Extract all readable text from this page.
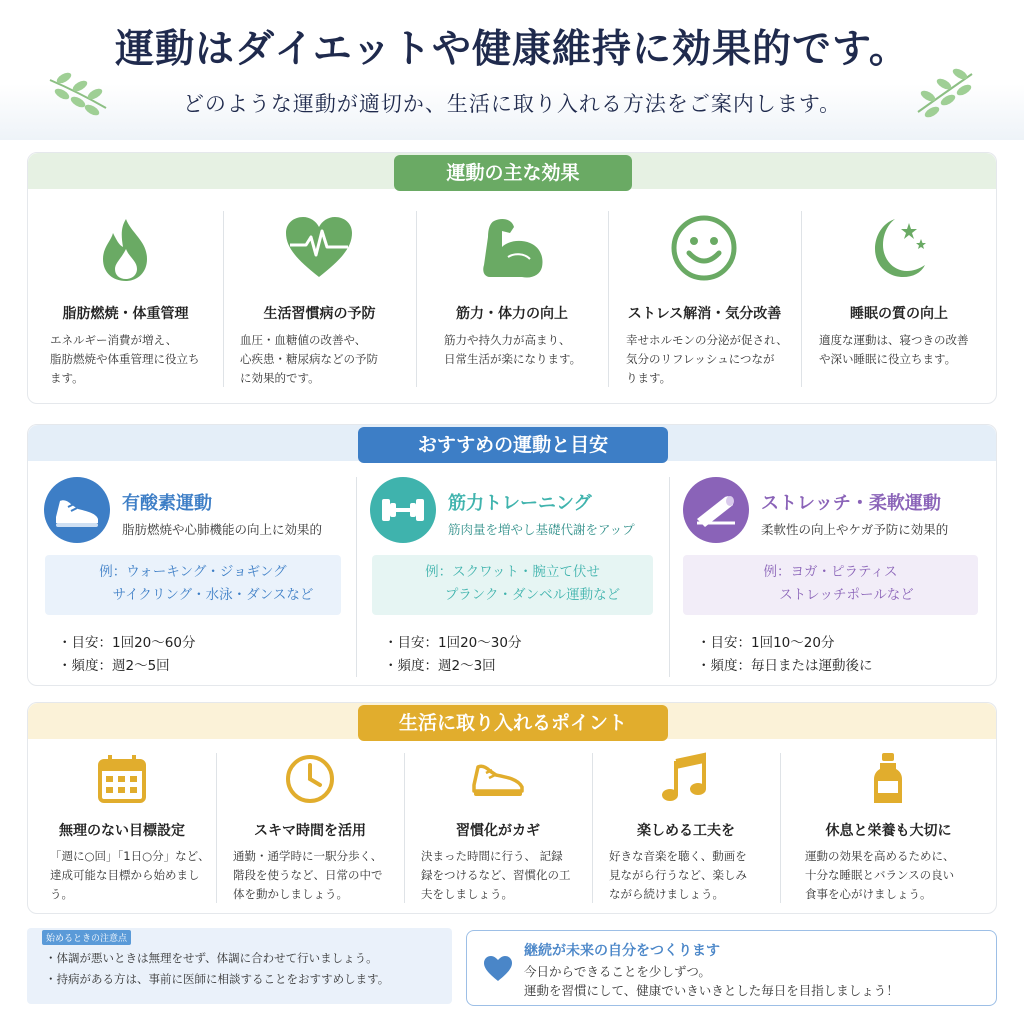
運動はダイエットや健康維持に効果的です。
どのような運動が適切か、生活に取り入れる方法をご案内します。
運動の主な効果
脂肪燃焼・体重管理
エネルギー消費が増え、
脂肪燃焼や体重管理に役立ち
ます。
生活習慣病の予防
血圧・血糖値の改善や、
心疾患・糖尿病などの予防
に効果的です。
筋力・体力の向上
筋力や持久力が高まり、
日常生活が楽になります。
ストレス解消・気分改善
幸せホルモンの分泌が促され、
気分のリフレッシュにつなが
ります。
睡眠の質の向上
適度な運動は、寝つきの改善
や深い睡眠に役立ちます。
おすすめの運動と目安
有酸素運動
脂肪燃焼や心肺機能の向上に効果的
例：ウォーキング・ジョギング
サイクリング・水泳・ダンスなど
・目安：1回20〜60分
・頻度：週2〜5回
筋力トレーニング
筋肉量を増やし基礎代謝をアップ
例：スクワット・腕立て伏せ
プランク・ダンベル運動など
・目安：1回20〜30分
・頻度：週2〜3回
ストレッチ・柔軟運動
柔軟性の向上やケガ予防に効果的
例：ヨガ・ピラティス
ストレッチポールなど
・目安：1回10〜20分
・頻度：毎日または運動後に
生活に取り入れるポイント
無理のない目標設定
「週に○回」「1日○分」など、
達成可能な目標から始めまし
う。
スキマ時間を活用
通勤・通学時に一駅分歩く、
階段を使うなど、日常の中で
体を動かしましょう。
習慣化がカギ
決まった時間に行う、 記録
録をつけるなど、習慣化の工
夫をしましょう。
楽しめる工夫を
好きな音楽を聴く、動画を
見ながら行うなど、楽しみ
ながら続けましょう。
休息と栄養も大切に
運動の効果を高めるために、
十分な睡眠とバランスの良い
食事を心がけましょう。
始めるときの注意点
・体調が悪いときは無理をせず、体調に合わせて行いましょう。
・持病がある方は、事前に医師に相談することをおすすめします。
継続が未来の自分をつくります
今日からできることを少しずつ。
運動を習慣にして、健康でいきいきとした毎日を目指しましょう！
